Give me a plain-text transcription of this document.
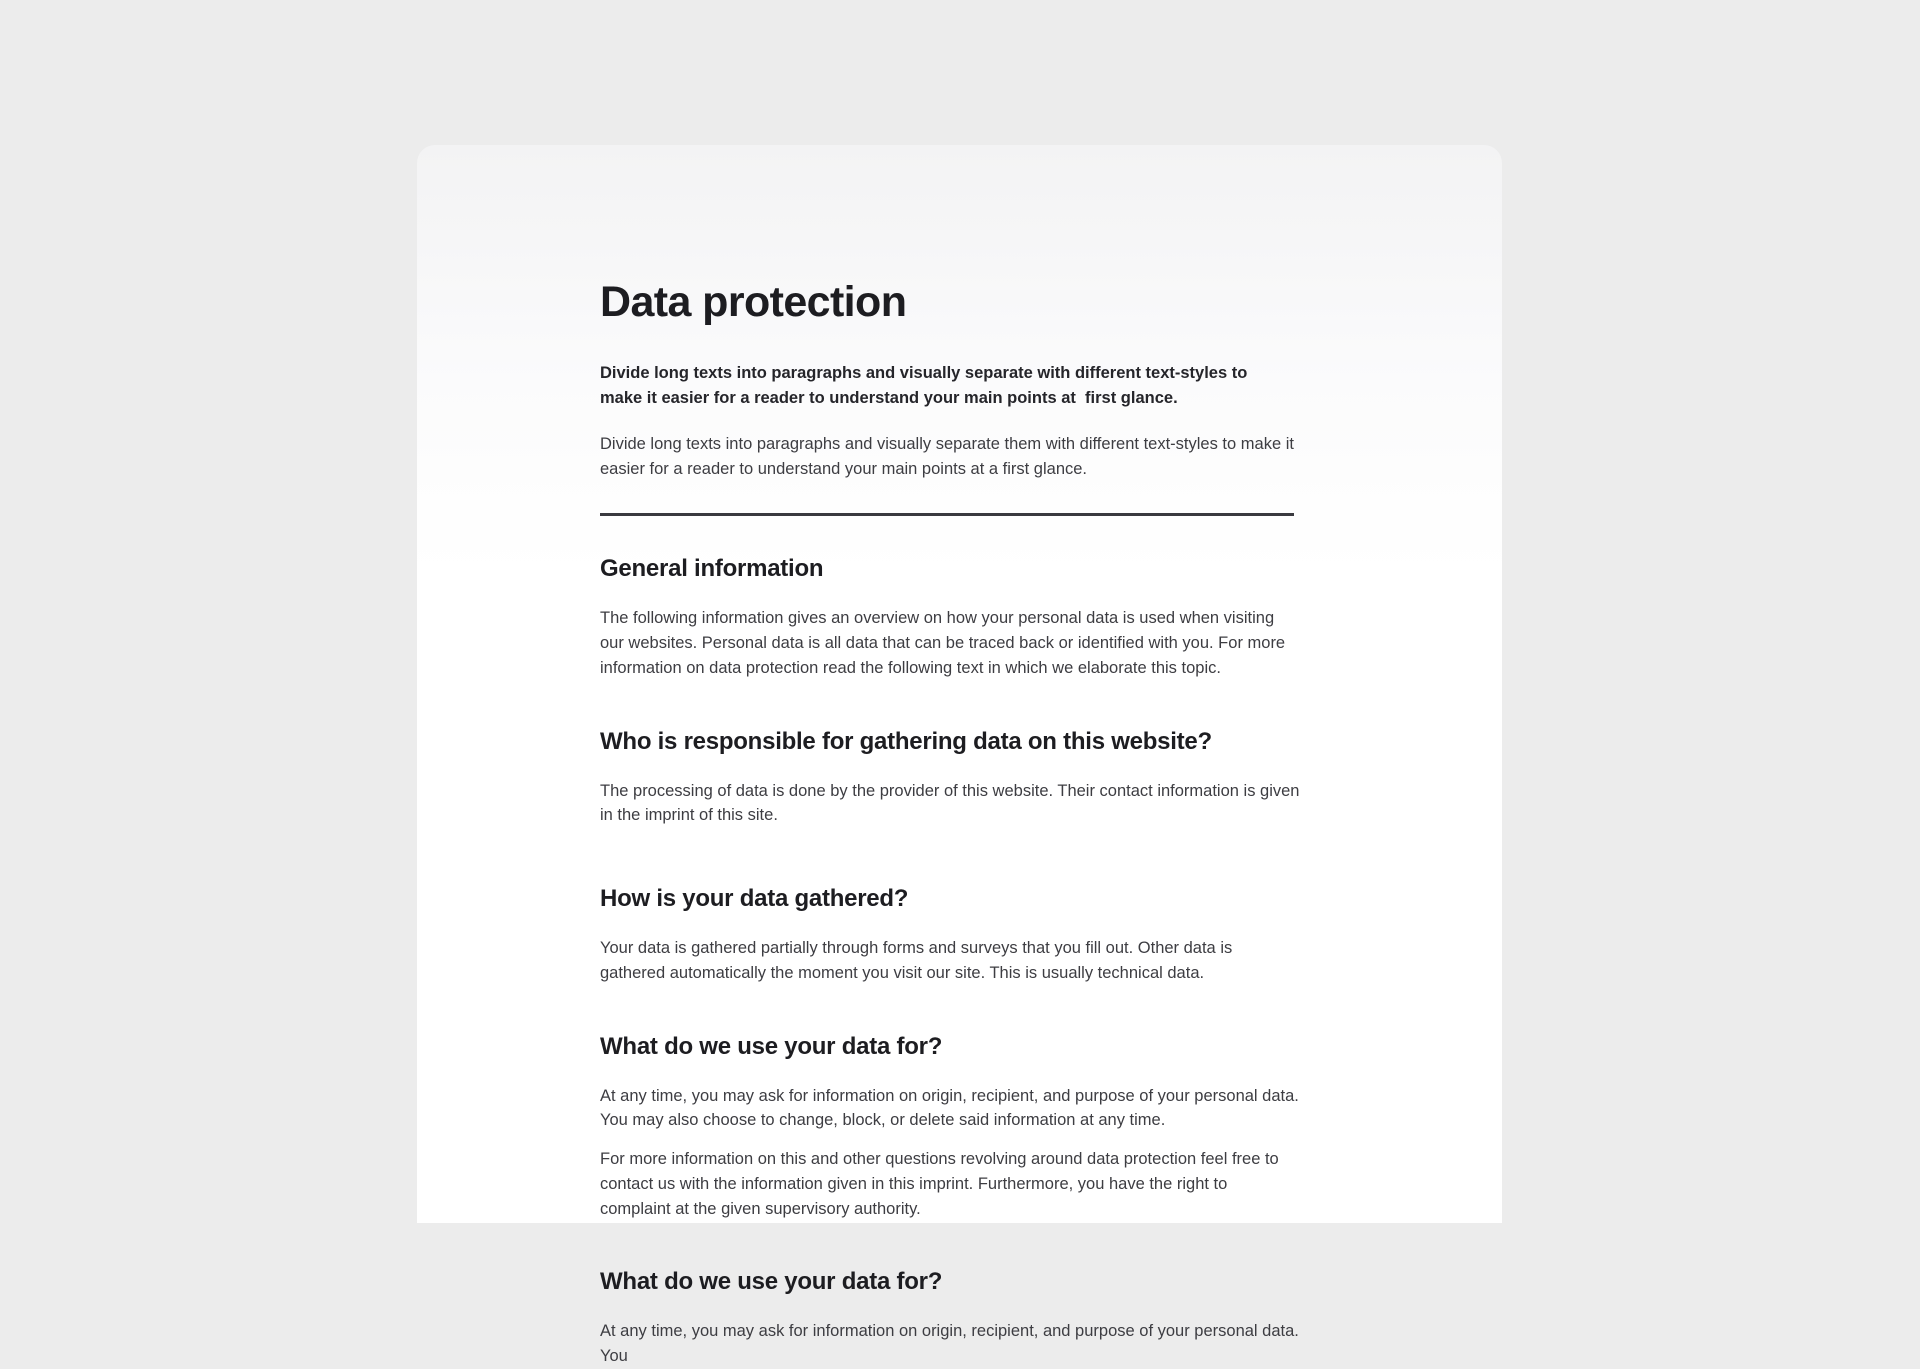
Data protection

Divide long texts into paragraphs and visually separate with different text-styles to make it easier for a reader to understand your main points at  first glance.

Divide long texts into paragraphs and visually separate them with different text-styles to make it easier for a reader to understand your main points at a first glance.

General information

The following information gives an overview on how your personal data is used when visiting our websites. Personal data is all data that can be traced back or identified with you. For more information on data protection read the following text in which we elaborate this topic.

Who is responsible for gathering data on this website?

The processing of data is done by the provider of this website. Their contact information is given in the imprint of this site.

How is your data gathered?

Your data is gathered partially through forms and surveys that you fill out. Other data is gathered automatically the moment you visit our site. This is usually technical data.

What do we use your data for?

At any time, you may ask for information on origin, recipient, and purpose of your personal data. You may also choose to change, block, or delete said information at any time.

For more information on this and other questions revolving around data protection feel free to contact us with the information given in this imprint. Furthermore, you have the right to complaint at the given supervisory authority.

What do we use your data for?

At any time, you may ask for information on origin, recipient, and purpose of your personal data. You
